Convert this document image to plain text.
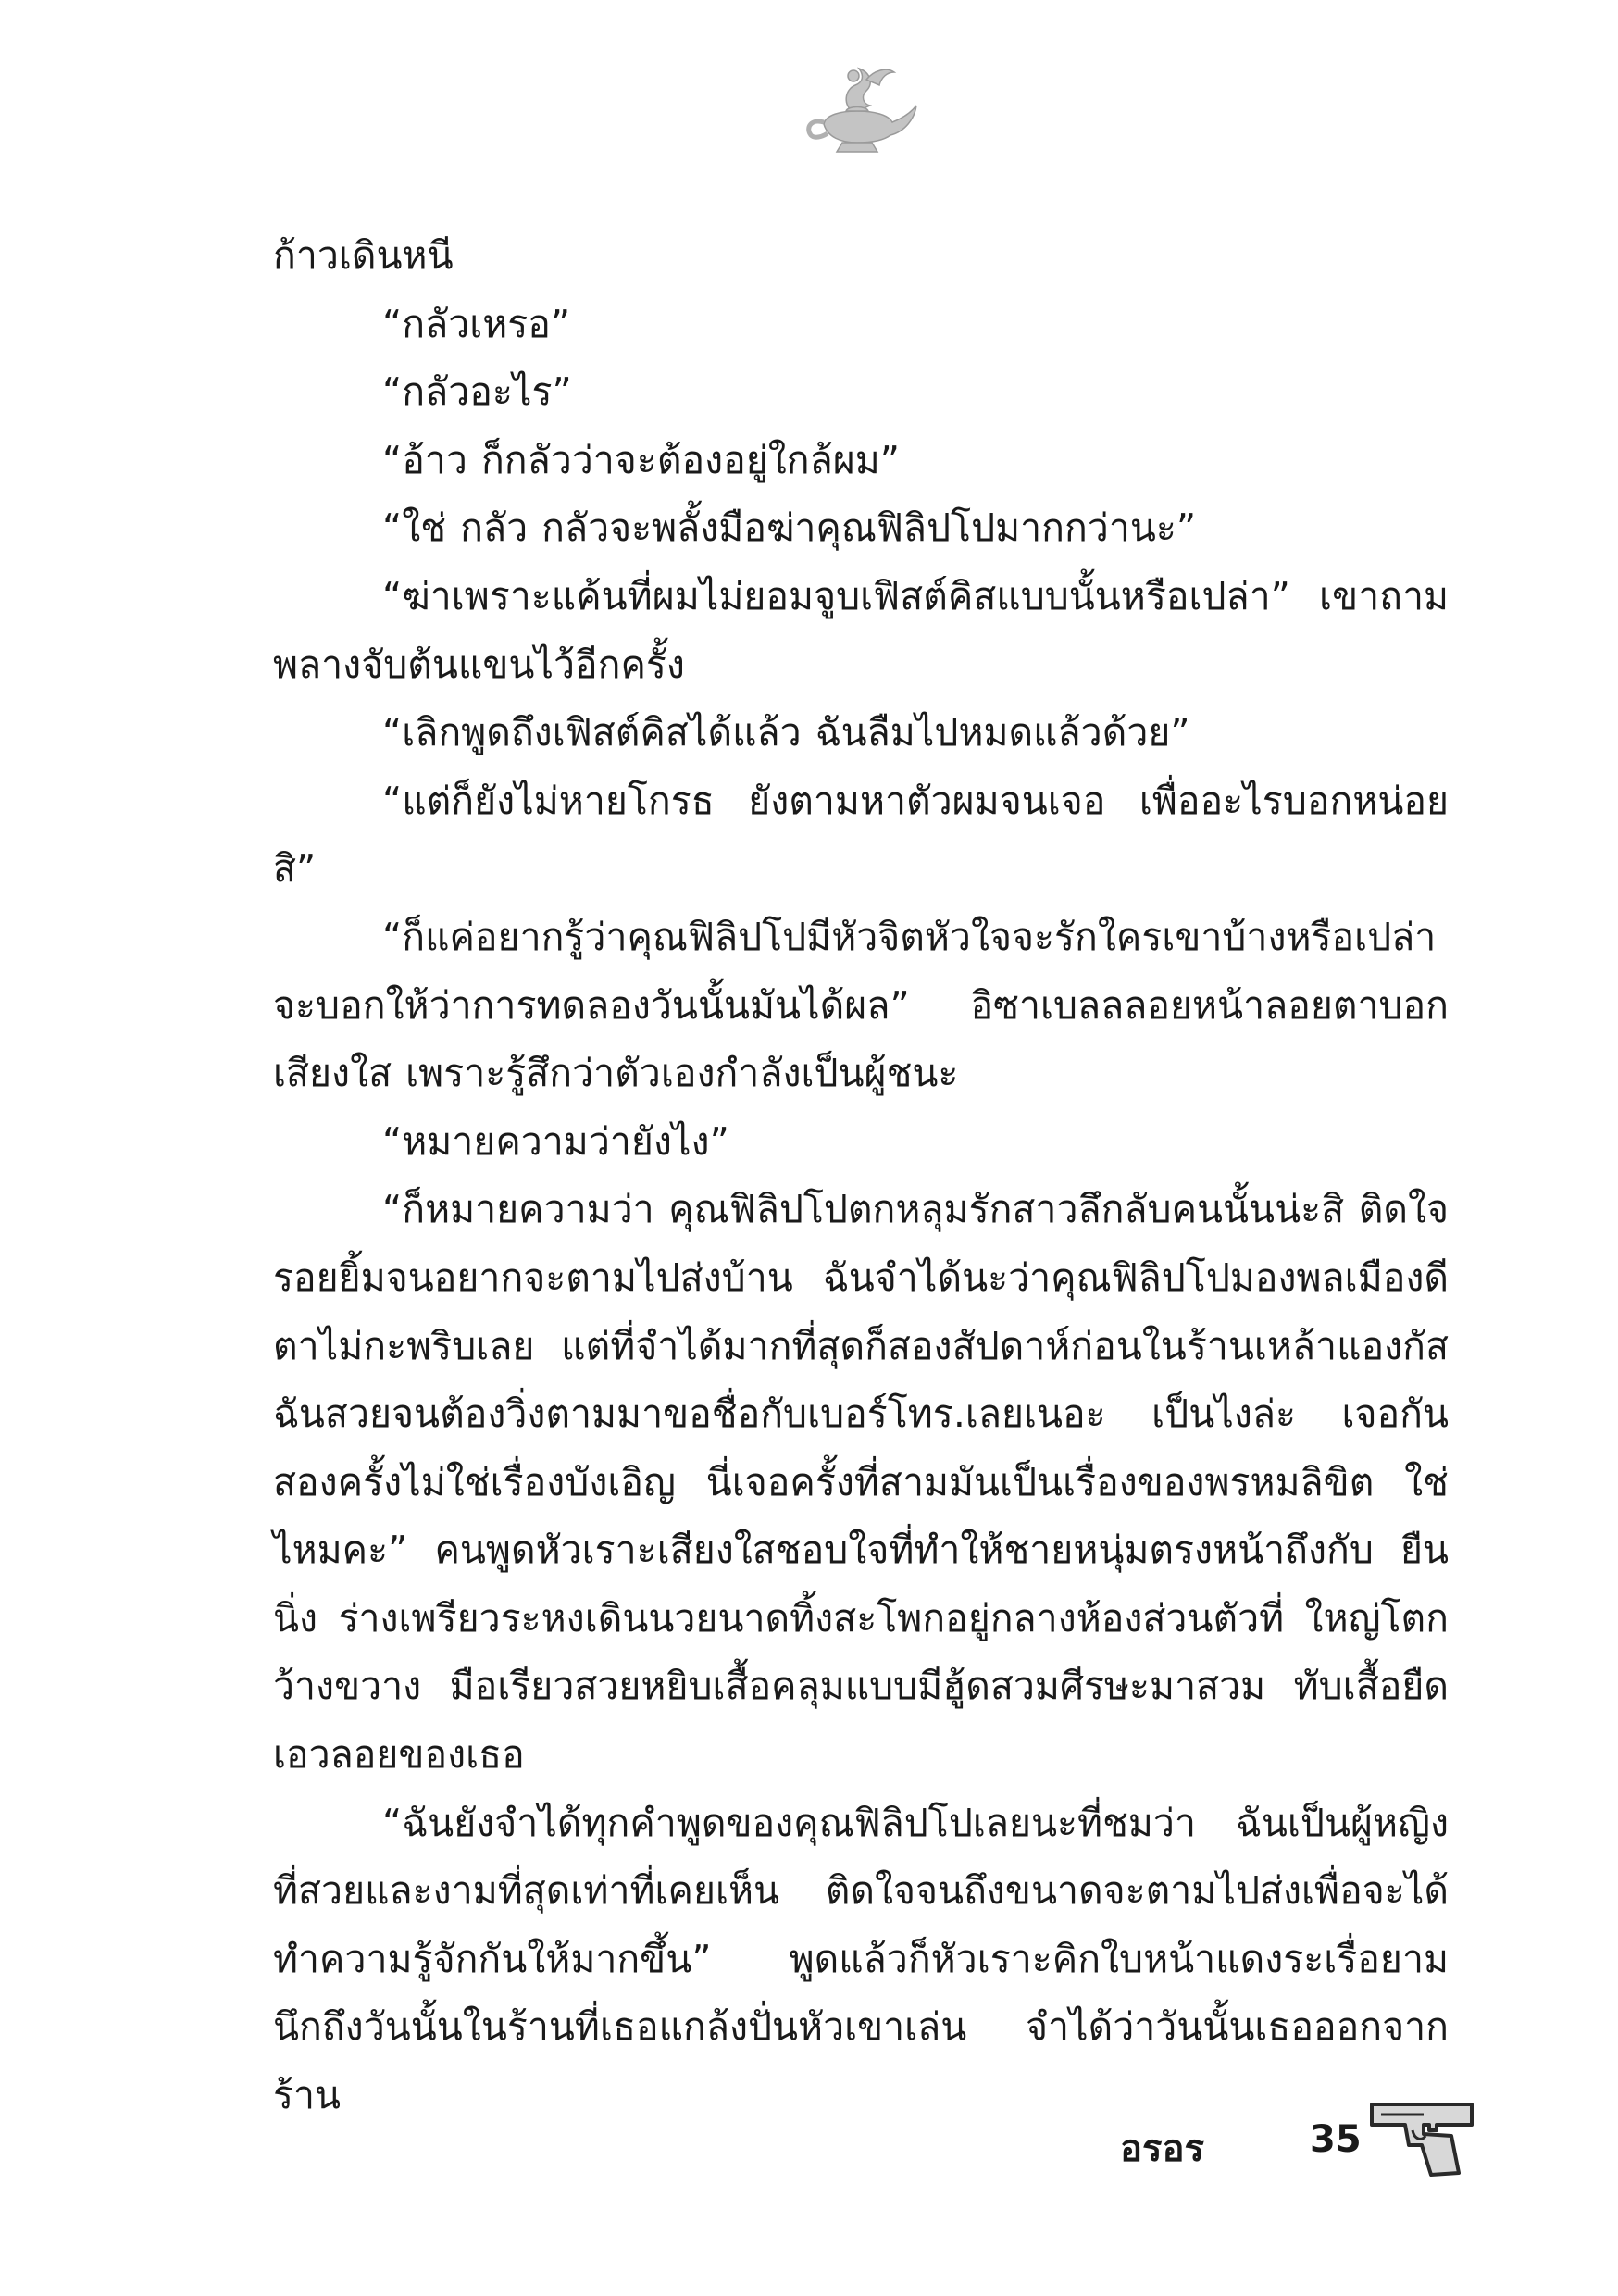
ก้าวเดินหนี

“กลัวเหรอ”

“กลัวอะไร”

“อ้าว ก็กลัวว่าจะต้องอยู่ใกล้ผม”

“ใช่ กลัว กลัวจะพลั้งมือฆ่าคุณฟิลิปโปมากกว่านะ”

“ฆ่าเพราะแค้นที่ผมไม่ยอมจูบเฟิสต์คิสแบบนั้นหรือเปล่า” เขาถาม พลางจับต้นแขนไว้อีกครั้ง

“เลิกพูดถึงเฟิสต์คิสได้แล้ว ฉันลืมไปหมดแล้วด้วย”

“แต่ก็ยังไม่หายโกรธ ยังตามหาตัวผมจนเจอ เพื่ออะไรบอกหน่อยสิ”

“ก็แค่อยากรู้ว่าคุณฟิลิปโปมีหัวจิตหัวใจจะรักใครเขาบ้างหรือเปล่า จะบอกให้ว่าการทดลองวันนั้นมันได้ผล” อิซาเบลลลอยหน้าลอยตาบอก เสียงใส เพราะรู้สึกว่าตัวเองกำลังเป็นผู้ชนะ

“หมายความว่ายังไง”

“ก็หมายความว่า คุณฟิลิปโปตกหลุมรักสาวลึกลับคนนั้นน่ะสิ ติดใจ รอยยิ้มจนอยากจะตามไปส่งบ้าน ฉันจำได้นะว่าคุณฟิลิปโปมองพลเมืองดี ตาไม่กะพริบเลย แต่ที่จำได้มากที่สุดก็สองสัปดาห์ก่อนในร้านเหล้าแองกัส ฉันสวยจนต้องวิ่งตามมาขอชื่อกับเบอร์โทร.เลยเนอะ เป็นไงล่ะ เจอกัน สองครั้งไม่ใช่เรื่องบังเอิญ นี่เจอครั้งที่สามมันเป็นเรื่องของพรหมลิขิต ใช่ไหมคะ” คนพูดหัวเราะเสียงใสชอบใจที่ทำให้ชายหนุ่มตรงหน้าถึงกับ ยืนนิ่ง ร่างเพรียวระหงเดินนวยนาดทิ้งสะโพกอยู่กลางห้องส่วนตัวที่ ใหญ่โตกว้างขวาง มือเรียวสวยหยิบเสื้อคลุมแบบมีฮู้ดสวมศีรษะมาสวม ทับเสื้อยืดเอวลอยของเธอ

“ฉันยังจำได้ทุกคำพูดของคุณฟิลิปโปเลยนะที่ชมว่า ฉันเป็นผู้หญิง ที่สวยและงามที่สุดเท่าที่เคยเห็น ติดใจจนถึงขนาดจะตามไปส่งเพื่อจะได้ ทำความรู้จักกันให้มากขึ้น” พูดแล้วก็หัวเราะคิกใบหน้าแดงระเรื่อยาม นึกถึงวันนั้นในร้านที่เธอแกล้งปั่นหัวเขาเล่น จำได้ว่าวันนั้นเธอออกจากร้าน

อรอร	35
